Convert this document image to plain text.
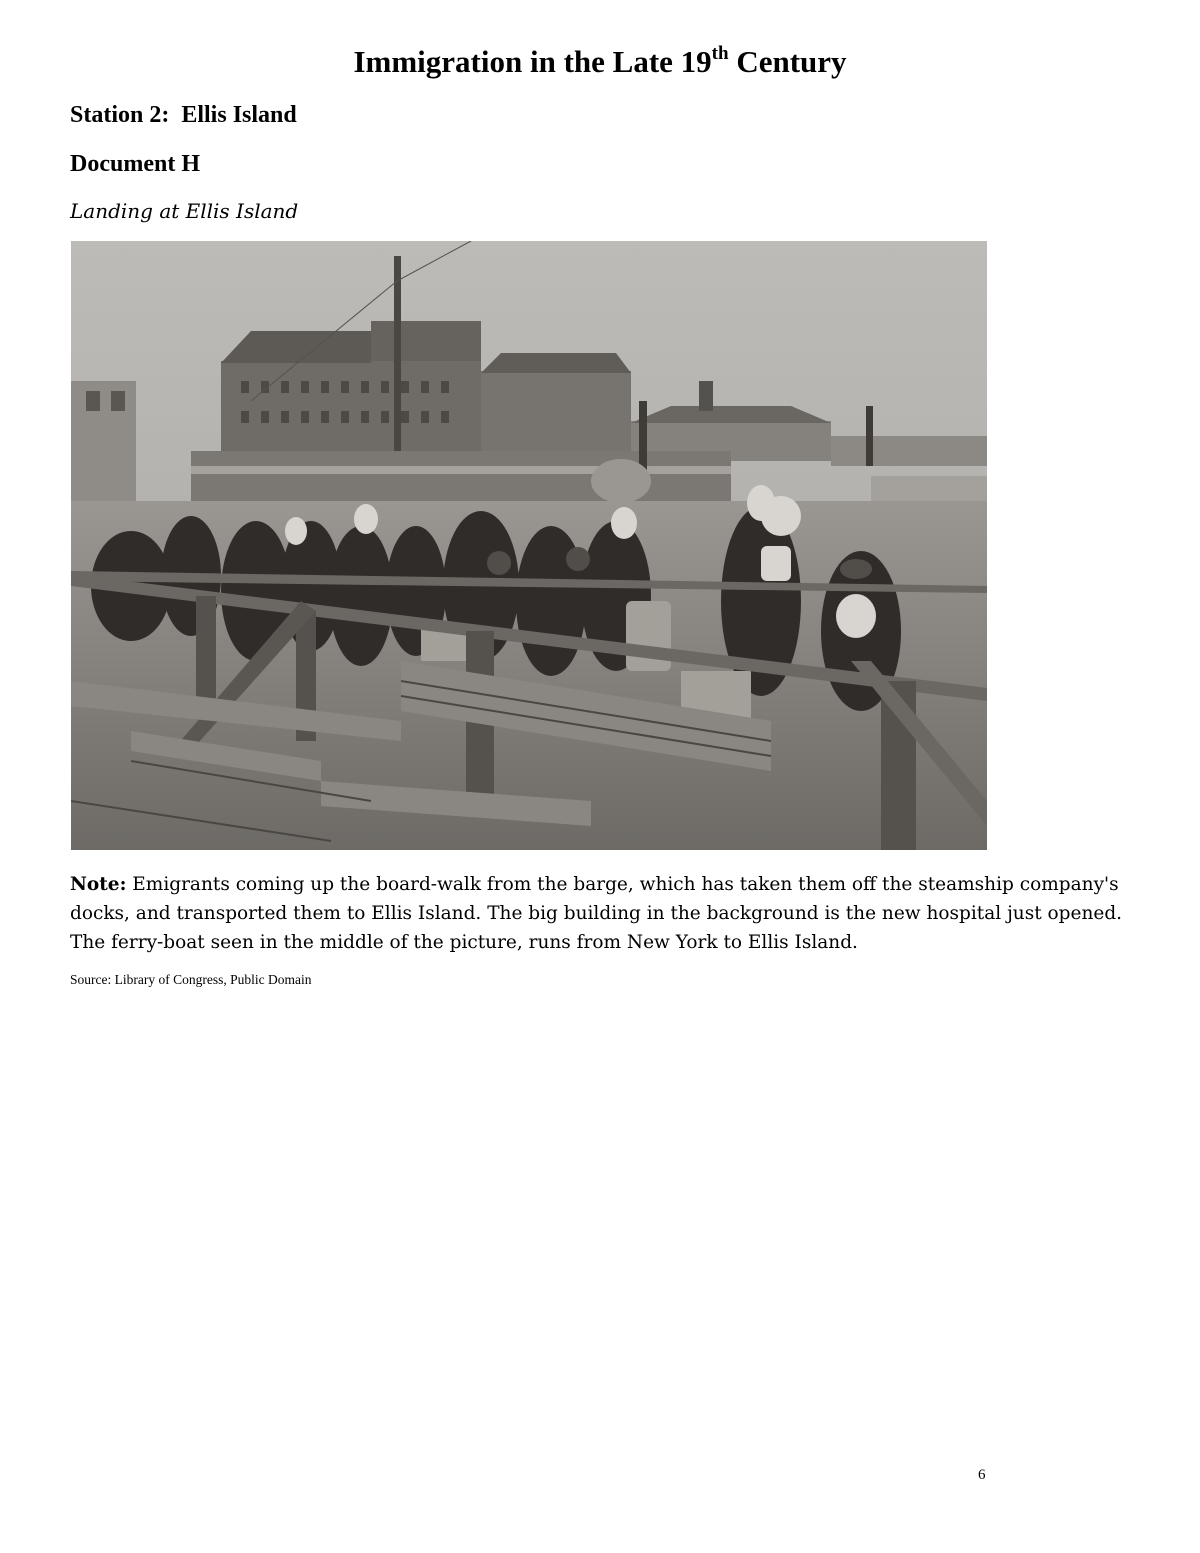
Immigration in the Late 19th Century
Station 2:  Ellis Island
Document H
Landing at Ellis Island
Note: Emigrants coming up the board-walk from the barge, which has taken them off the steamship company's docks, and transported them to Ellis Island. The big building in the background is the new hospital just opened. The ferry-boat seen in the middle of the picture, runs from New York to Ellis Island.
Source: Library of Congress, Public Domain
6
